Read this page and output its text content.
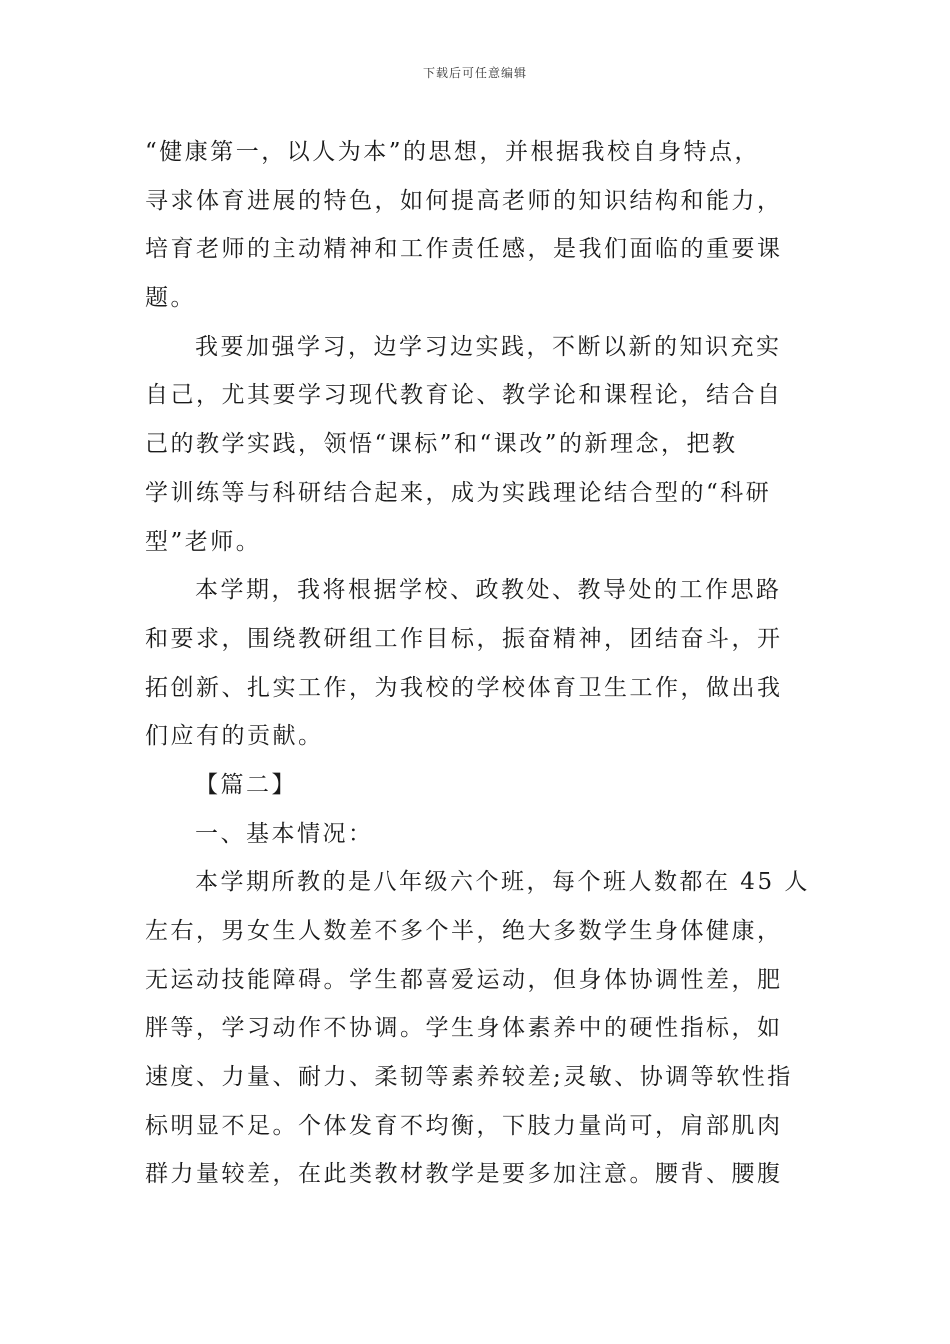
下载后可任意编辑
“健康第一，以人为本”的思想，并根据我校自身特点，
寻求体育进展的特色，如何提高老师的知识结构和能力，
培育老师的主动精神和工作责任感，是我们面临的重要课
题。
我要加强学习，边学习边实践，不断以新的知识充实
自己，尤其要学习现代教育论、教学论和课程论，结合自
己的教学实践，领悟“课标”和“课改”的新理念，把教
学训练等与科研结合起来，成为实践理论结合型的“科研
型”老师。
本学期，我将根据学校、政教处、教导处的工作思路
和要求，围绕教研组工作目标，振奋精神，团结奋斗，开
拓创新、扎实工作，为我校的学校体育卫生工作，做出我
们应有的贡献。
【篇二】
一、基本情况：
本学期所教的是八年级六个班，每个班人数都在 45 人
左右，男女生人数差不多个半，绝大多数学生身体健康，
无运动技能障碍。学生都喜爱运动，但身体协调性差，肥
胖等，学习动作不协调。学生身体素养中的硬性指标，如
速度、力量、耐力、柔韧等素养较差;灵敏、协调等软性指
标明显不足。个体发育不均衡，下肢力量尚可，肩部肌肉
群力量较差，在此类教材教学是要多加注意。腰背、腰腹
